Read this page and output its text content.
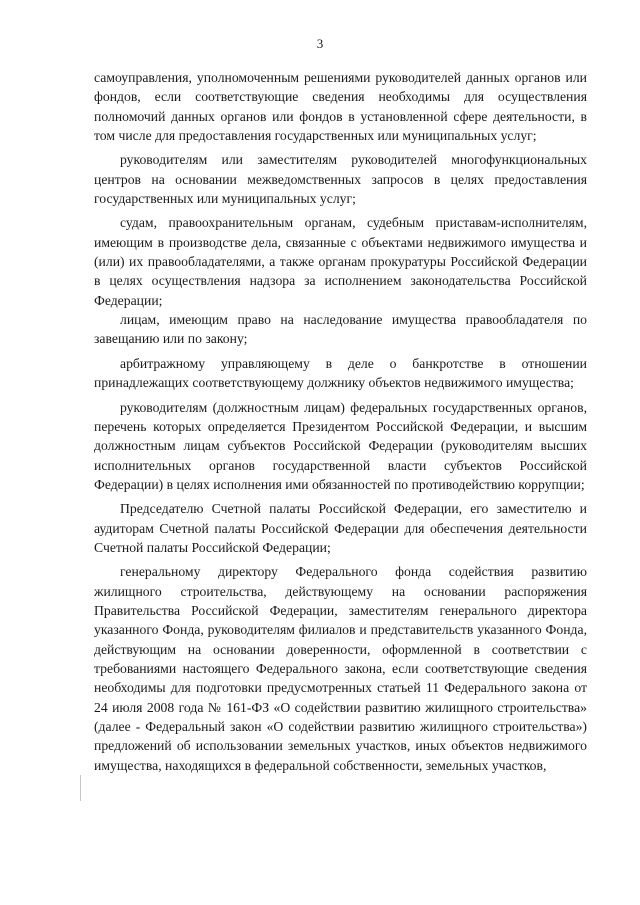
3

самоуправления, уполномоченным решениями руководителей данных органов или фондов, если соответствующие сведения необходимы для осуществления полномочий данных органов или фондов в установленной сфере деятельности, в том числе для предоставления государственных или муниципальных услуг;

руководителям или заместителям руководителей многофункциональных центров на основании межведомственных запросов в целях предоставления государственных или муниципальных услуг;

судам, правоохранительным органам, судебным приставам-исполнителям, имеющим в производстве дела, связанные с объектами недвижимого имущества и (или) их правообладателями, а также органам прокуратуры Российской Федерации в целях осуществления надзора за исполнением законодательства Российской Федерации;

лицам, имеющим право на наследование имущества правообладателя по завещанию или по закону;

арбитражному управляющему в деле о банкротстве в отношении принадлежащих соответствующему должнику объектов недвижимого имущества;

руководителям (должностным лицам) федеральных государственных органов, перечень которых определяется Президентом Российской Федерации, и высшим должностным лицам субъектов Российской Федерации (руководителям высших исполнительных органов государственной власти субъектов Российской Федерации) в целях исполнения ими обязанностей по противодействию коррупции;

Председателю Счетной палаты Российской Федерации, его заместителю и аудиторам Счетной палаты Российской Федерации для обеспечения деятельности Счетной палаты Российской Федерации;

генеральному директору Федерального фонда содействия развитию жилищного строительства, действующему на основании распоряжения Правительства Российской Федерации, заместителям генерального директора указанного Фонда, руководителям филиалов и представительств указанного Фонда, действующим на основании доверенности, оформленной в соответствии с требованиями настоящего Федерального закона, если соответствующие сведения необходимы для подготовки предусмотренных статьей 11 Федерального закона от 24 июля 2008 года № 161-ФЗ «О содействии развитию жилищного строительства» (далее - Федеральный закон «О содействии развитию жилищного строительства») предложений об использовании земельных участков, иных объектов недвижимого имущества, находящихся в федеральной собственности, земельных участков,
